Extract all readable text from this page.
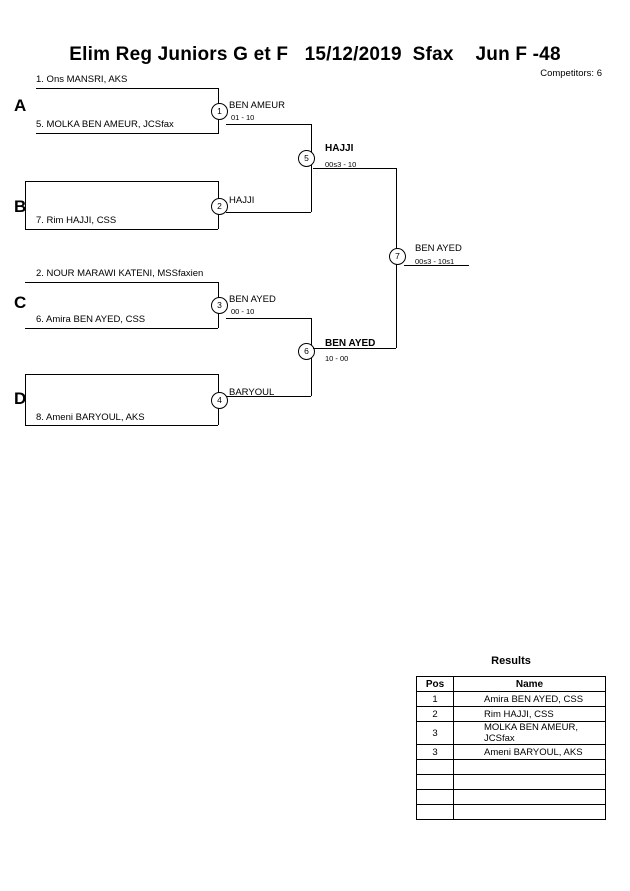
Elim Reg Juniors G et F   15/12/2019  Sfax    Jun F -48
Competitors: 6
A
B
C
D
1. Ons MANSRI, AKS
5. MOLKA BEN AMEUR, JCSfax
1 BEN AMEUR
01 - 10
7. Rim HAJJI, CSS
2 HAJJI
2. NOUR MARAWI KATENI, MSSfaxien
6. Amira BEN AYED, CSS
3 BEN AYED
00 - 10
8. Ameni BARYOUL, AKS
4
BARYOUL
5
HAJJI
00s3 - 10
6
BEN AYED
10 - 00
7
BEN AYED
00s3 - 10s1
Results
Pos	Name
1	Amira BEN AYED, CSS
2	Rim HAJJI, CSS
3	MOLKA BEN AMEUR, JCSfax
3	Ameni BARYOUL, AKS
